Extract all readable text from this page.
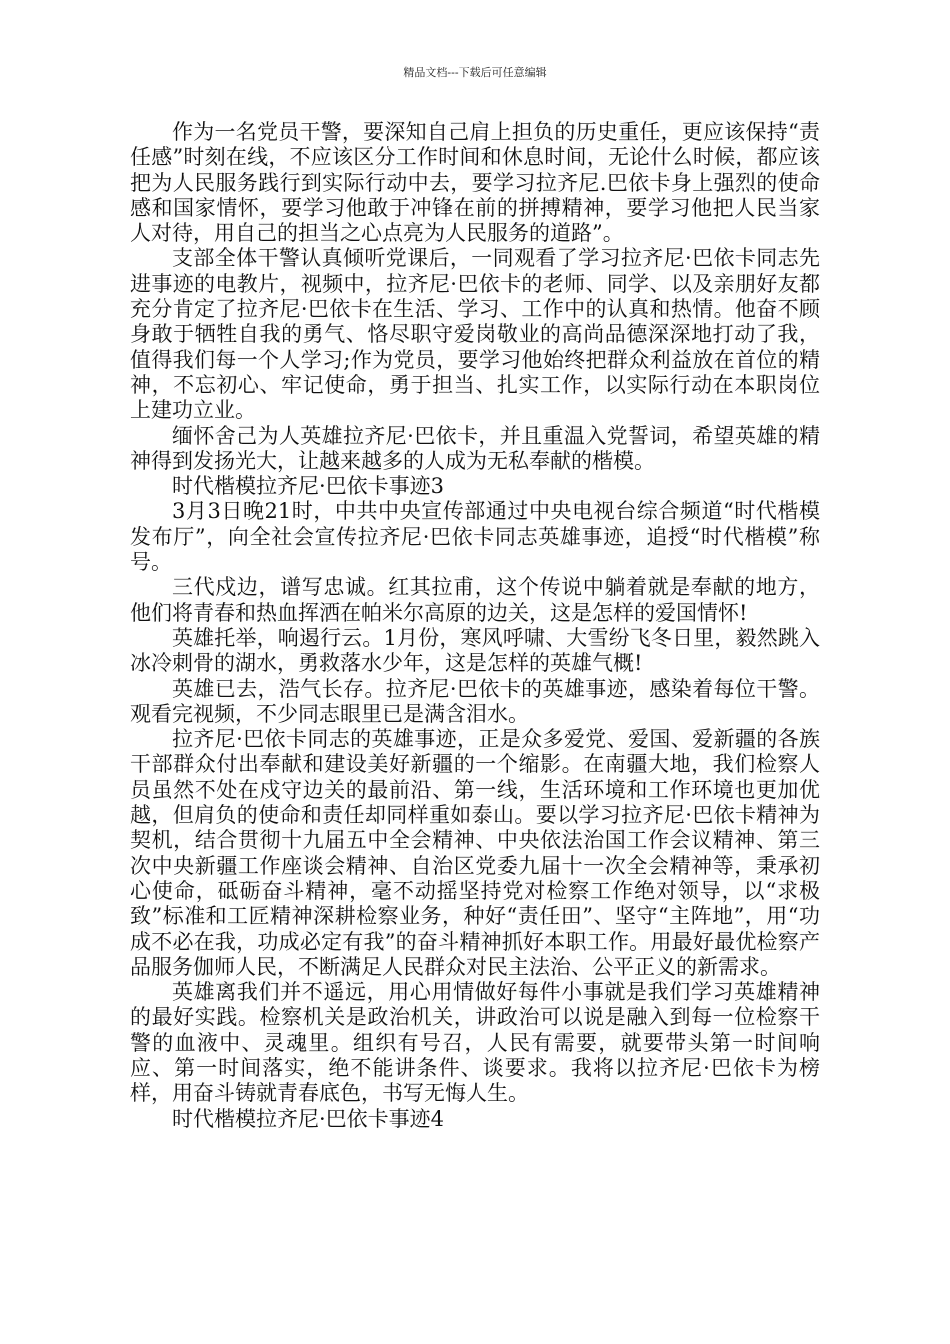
精品文档---下载后可任意编辑

作为一名党员干警，要深知自己肩上担负的历史重任，更应该保持“责任感”时刻在线，不应该区分工作时间和休息时间，无论什么时候，都应该把为人民服务践行到实际行动中去，要学习拉齐尼.巴依卡身上强烈的使命感和国家情怀，要学习他敢于冲锋在前的拼搏精神，要学习他把人民当家人对待，用自己的担当之心点亮为人民服务的道路”。

支部全体干警认真倾听党课后，一同观看了学习拉齐尼·巴依卡同志先进事迹的电教片，视频中，拉齐尼·巴依卡的老师、同学、以及亲朋好友都充分肯定了拉齐尼·巴依卡在生活、学习、工作中的认真和热情。他奋不顾身敢于牺牲自我的勇气、恪尽职守爱岗敬业的高尚品德深深地打动了我，值得我们每一个人学习;作为党员，要学习他始终把群众利益放在首位的精神，不忘初心、牢记使命，勇于担当、扎实工作，以实际行动在本职岗位上建功立业。

缅怀舍己为人英雄拉齐尼·巴依卡，并且重温入党誓词，希望英雄的精神得到发扬光大，让越来越多的人成为无私奉献的楷模。

时代楷模拉齐尼·巴依卡事迹3

3月3日晚21时，中共中央宣传部通过中央电视台综合频道“时代楷模发布厅”，向全社会宣传拉齐尼·巴依卡同志英雄事迹，追授“时代楷模”称号。

三代戍边，谱写忠诚。红其拉甫，这个传说中躺着就是奉献的地方，他们将青春和热血挥洒在帕米尔高原的边关，这是怎样的爱国情怀!

英雄托举，响遏行云。1月份，寒风呼啸、大雪纷飞冬日里，毅然跳入冰冷刺骨的湖水，勇救落水少年，这是怎样的英雄气概!

英雄已去，浩气长存。拉齐尼·巴依卡的英雄事迹，感染着每位干警。观看完视频，不少同志眼里已是满含泪水。

拉齐尼·巴依卡同志的英雄事迹，正是众多爱党、爱国、爱新疆的各族干部群众付出奉献和建设美好新疆的一个缩影。在南疆大地，我们检察人员虽然不处在戍守边关的最前沿、第一线，生活环境和工作环境也更加优越，但肩负的使命和责任却同样重如泰山。要以学习拉齐尼·巴依卡精神为契机，结合贯彻十九届五中全会精神、中央依法治国工作会议精神、第三次中央新疆工作座谈会精神、自治区党委九届十一次全会精神等，秉承初心使命，砥砺奋斗精神，毫不动摇坚持党对检察工作绝对领导，以“求极致”标准和工匠精神深耕检察业务，种好“责任田”、坚守“主阵地”，用“功成不必在我，功成必定有我”的奋斗精神抓好本职工作。用最好最优检察产品服务伽师人民，不断满足人民群众对民主法治、公平正义的新需求。

英雄离我们并不遥远，用心用情做好每件小事就是我们学习英雄精神的最好实践。检察机关是政治机关，讲政治可以说是融入到每一位检察干警的血液中、灵魂里。组织有号召，人民有需要，就要带头第一时间响应、第一时间落实，绝不能讲条件、谈要求。我将以拉齐尼·巴依卡为榜样，用奋斗铸就青春底色，书写无悔人生。

时代楷模拉齐尼·巴依卡事迹4
